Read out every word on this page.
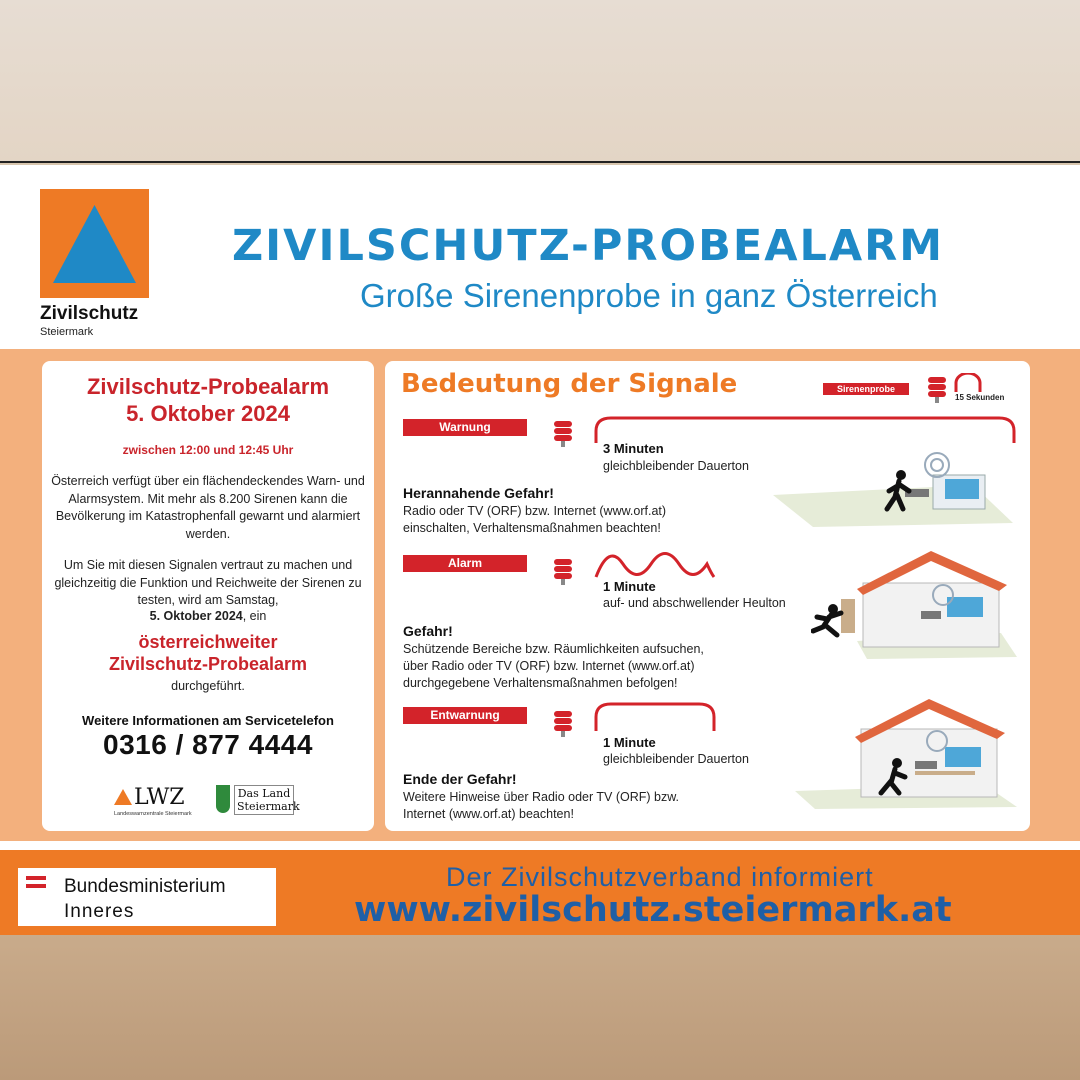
Zivilschutz
Steiermark
ZIVILSCHUTZ-PROBEALARM
Große Sirenenprobe in ganz Österreich
Zivilschutz-Probealarm
5. Oktober 2024
zwischen 12:00 und 12:45 Uhr
Österreich verfügt über ein flächendeckendes Warn- und Alarmsystem. Mit mehr als 8.200 Sirenen kann die Bevölkerung im Katastrophenfall gewarnt und alarmiert werden.
Um Sie mit diesen Signalen vertraut zu machen und gleichzeitig die Funktion und Reichweite der Sirenen zu testen, wird am Samstag,
5. Oktober 2024, ein
österreichweiter
Zivilschutz-Probealarm
durchgeführt.
Weitere Informationen am Servicetelefon
0316 / 877 4444
LWZ
Landeswarnzentrale Steiermark
Das Land
Steiermark
Bedeutung der Signale	Sirenenprobe
15 Sekunden
Warnung
3 Minuten
gleichbleibender Dauerton
Herannahende Gefahr!
Radio oder TV (ORF) bzw. Internet (www.orf.at)
einschalten, Verhaltensmaßnahmen beachten!
Alarm
1 Minute
auf- und abschwellender Heulton
Gefahr!
Schützende Bereiche bzw. Räumlichkeiten aufsuchen,
über Radio oder TV (ORF) bzw. Internet (www.orf.at)
durchgegebene Verhaltensmaßnahmen befolgen!
Entwarnung
1 Minute
gleichbleibender Dauerton
Ende der Gefahr!
Weitere Hinweise über Radio oder TV (ORF) bzw.
Internet (www.orf.at) beachten!
Bundesministerium
Inneres
Der Zivilschutzverband informiert
www.zivilschutz.steiermark.at
